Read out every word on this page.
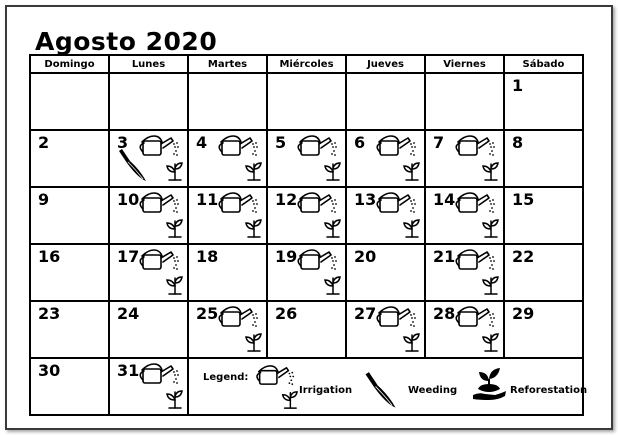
Agosto 2020
Domingo	Lunes	Martes	Miércoles	Jueves	Viernes	Sábado

						1

2	3	4	5	6	7	8

9	10	11	12	13	14	15

16	17	18	19	20	21	22

23	24	25	26	27	28	29

30	31	Legend:
Irrigation Weeding Reforestation				
